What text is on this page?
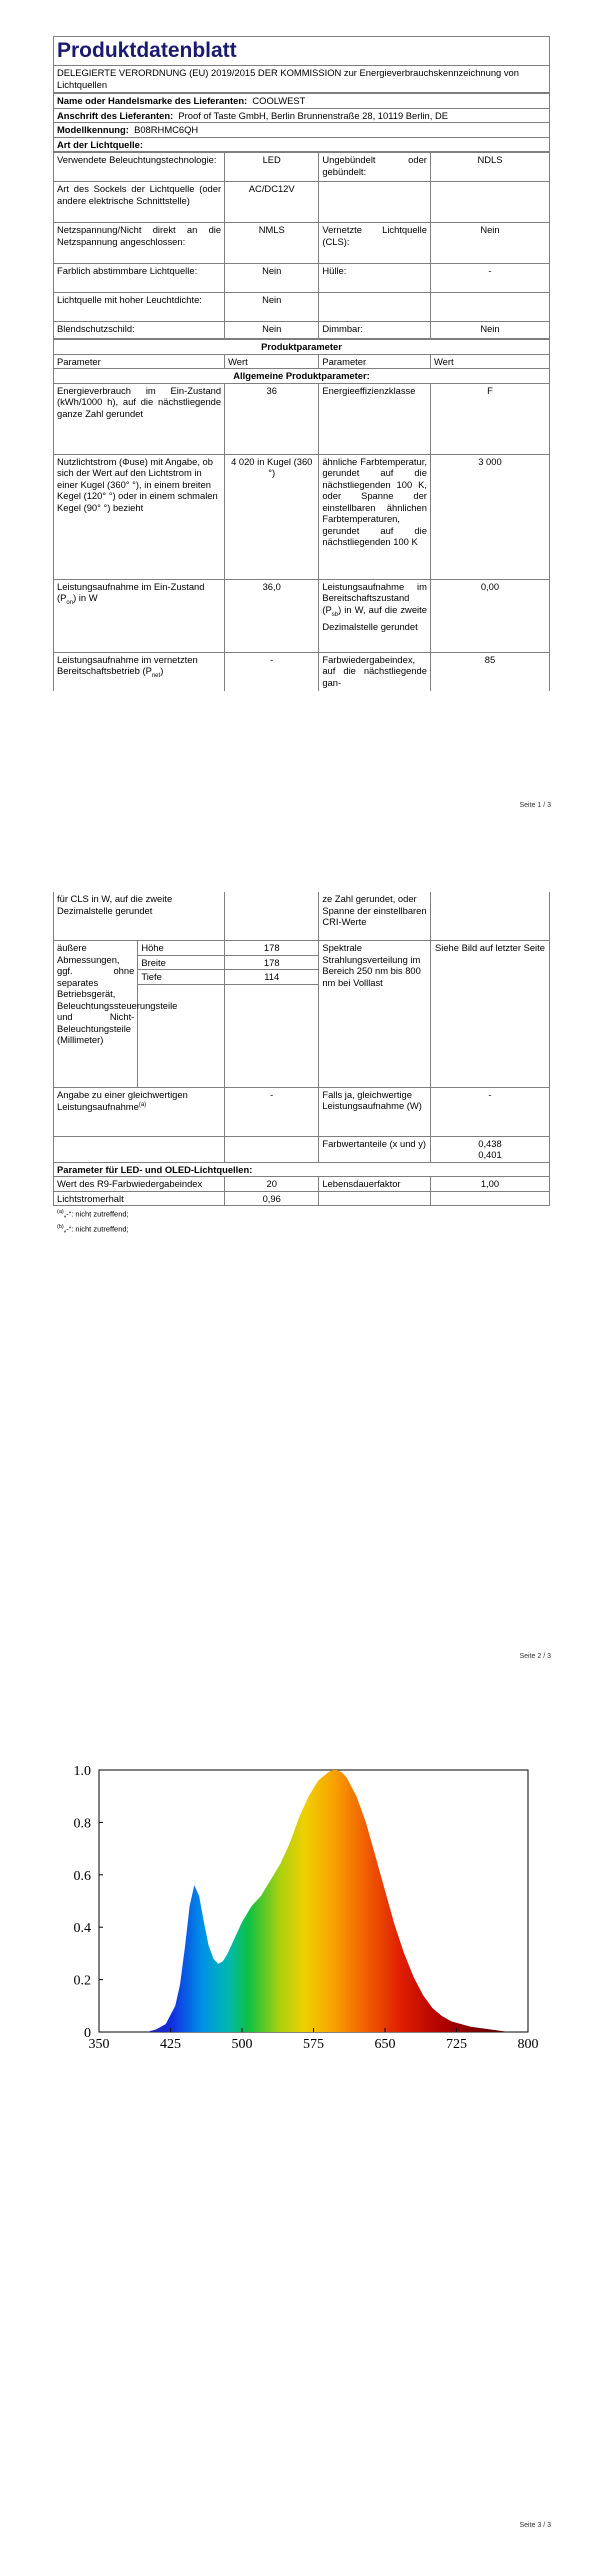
Produktdatenblatt
DELEGIERTE VERORDNUNG (EU) 2019/2015 DER KOMMISSION zur Energieverbrauchskennzeichnung von Lichtquellen
Name oder Handelsmarke des Lieferanten: COOLWEST
Anschrift des Lieferanten: Proof of Taste GmbH, Berlin Brunnenstraße 28, 10119 Berlin, DE
Modellkennung: B08RHMC6QH
Art der Lichtquelle:
Verwendete Beleuchtungstechnologie:	LED	Ungebündelt oder gebündelt:	NDLS
Art des Sockels der Lichtquelle (oder andere elektrische Schnittstelle)	AC/DC12V		
Netzspannung/Nicht direkt an die Netzspannung angeschlossen:	NMLS	Vernetzte Lichtquelle (CLS):	Nein
Farblich abstimmbare Lichtquelle:	Nein	Hülle:	-
Lichtquelle mit hoher Leuchtdichte:	Nein		
Blendschutzschild:	Nein	Dimmbar:	Nein
Produktparameter			
Parameter	Wert	Parameter	Wert
Allgemeine Produktparameter:			
Energieverbrauch im Ein-Zustand (kWh/1000 h), auf die nächstliegende ganze Zahl gerundet	36	Energieeffizienzklasse	F
Nutzlichtstrom (Φuse) mit Angabe, ob sich der Wert auf den Lichtstrom in einer Kugel (360° °), in einem breiten Kegel (120° °) oder in einem schmalen Kegel (90° °) bezieht	4 020 in Kugel (360 °)	ähnliche Farbtemperatur, gerundet auf die nächstliegenden 100 K, oder Spanne der einstellbaren ähnlichen Farbtemperaturen, gerundet auf die nächstliegenden 100 K	3 000
Leistungsaufnahme im Ein-Zustand $(P_{on})$ in W	36,0	Leistungsaufnahme im Bereitschaftszustand $(P_{sb})$ in W, auf die zweite Dezimalstelle gerundet	0,00
Leistungsaufnahme im vernetzten Bereitschaftsbetrieb $(P_{net})$	-	Farbwiedergabeindex, auf die nächstliegende gan-	85
Seite 1 / 3
für CLS in W, auf die zweite Dezimalstelle gerundet			ze Zahl gerundet, oder Spanne der einstellbaren CRI-Werte	
äußere Abmessungen, ggf. ohne separates Betriebsgerät, Beleuchtungssteuerungsteile und Nicht-Beleuchtungsteile (Millimeter)	Höhe	178	Spektrale Strahlungsverteilung im Bereich 250 nm bis 800 nm bei Volllast	Siehe Bild auf letzter Seite
	Breite	178		
	Tiefe	114		

Angabe zu einer gleichwertigen Leistungsaufnahme$^{(a)}$		-	Falls ja, gleichwertige Leistungsaufnahme (W)	-
			Farbwertanteile (x und y)	0,438
0,401
Parameter für LED- und OLED-Lichtquellen:				
Wert des R9-Farbwiedergabeindex		20	Lebensdauerfaktor	1,00
Lichtstromerhalt		0,96		
$^{(a)}$„-“: nicht zutreffend;
$^{(b)}$„-“: nicht zutreffend;
Seite 2 / 3
350	425	500	575	650	725	800
0
0.2
0.4
0.6
0.8
1.0
Seite 3 / 3
